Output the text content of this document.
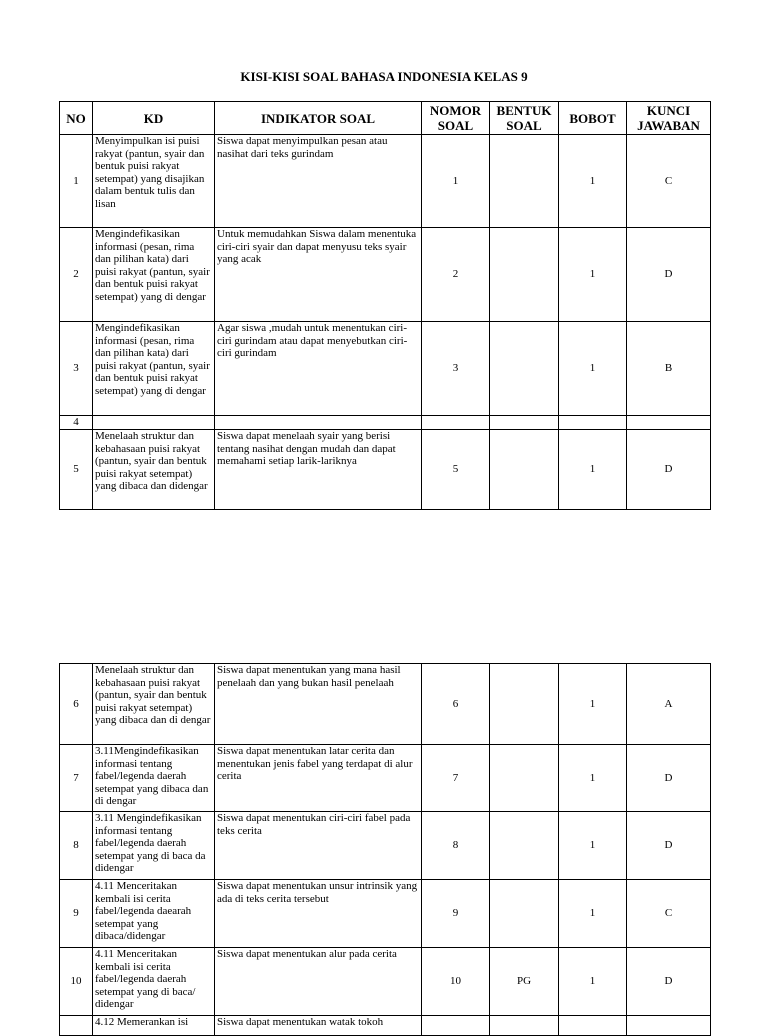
KISI-KISI SOAL BAHASA INDONESIA KELAS 9
NO	KD	INDIKATOR SOAL	NOMOR SOAL	BENTUK SOAL	BOBOT	KUNCI JAWABAN
1	Menyimpulkan isi puisi rakyat (pantun, syair dan bentuk puisi rakyat setempat) yang disajikan dalam bentuk tulis dan lisan	Siswa dapat menyimpulkan pesan atau nasihat dari teks gurindam	1		1	C
2	Mengindefikasikan informasi (pesan, rima dan pilihan kata) dari puisi rakyat (pantun, syair dan bentuk puisi rakyat setempat) yang di dengar	Untuk memudahkan Siswa dalam menentuka ciri-ciri syair dan dapat menyusu teks syair yang acak	2		1	D
3	Mengindefikasikan informasi (pesan, rima dan pilihan kata) dari puisi rakyat (pantun, syair dan bentuk puisi rakyat setempat) yang di dengar	Agar siswa ,mudah untuk menentukan ciri-ciri gurindam atau dapat menyebutkan ciri-ciri gurindam	3		1	B
4						
5	Menelaah struktur dan kebahasaan puisi rakyat (pantun, syair dan bentuk puisi rakyat setempat) yang dibaca dan didengar	Siswa dapat menelaah syair yang berisi tentang nasihat dengan mudah dan dapat memahami setiap larik-lariknya	5		1	D
6	Menelaah struktur dan kebahasaan puisi rakyat (pantun, syair dan bentuk puisi rakyat setempat) yang dibaca dan di dengar	Siswa dapat menentukan yang mana hasil penelaah dan yang bukan hasil penelaah	6		1	A
7	3.11Mengindefikasikan informasi tentang fabel/legenda daerah setempat yang dibaca dan di dengar	Siswa dapat menentukan latar cerita dan menentukan jenis fabel yang terdapat di alur cerita	7		1	D
8	3.11 Mengindefikasikan informasi tentang fabel/legenda daerah setempat yang di baca da didengar	Siswa dapat menentukan ciri-ciri fabel pada teks cerita	8		1	D
9	4.11 Menceritakan kembali isi cerita fabel/legenda daearah setempat yang dibaca/didengar	Siswa dapat menentukan unsur intrinsik yang ada di teks cerita tersebut	9		1	C
10	4.11 Menceritakan kembali isi cerita fabel/legenda daerah setempat yang di baca/ didengar	Siswa dapat menentukan alur pada cerita	10	PG	1	D
	4.12 Memerankan isi	Siswa dapat menentukan watak tokoh				
